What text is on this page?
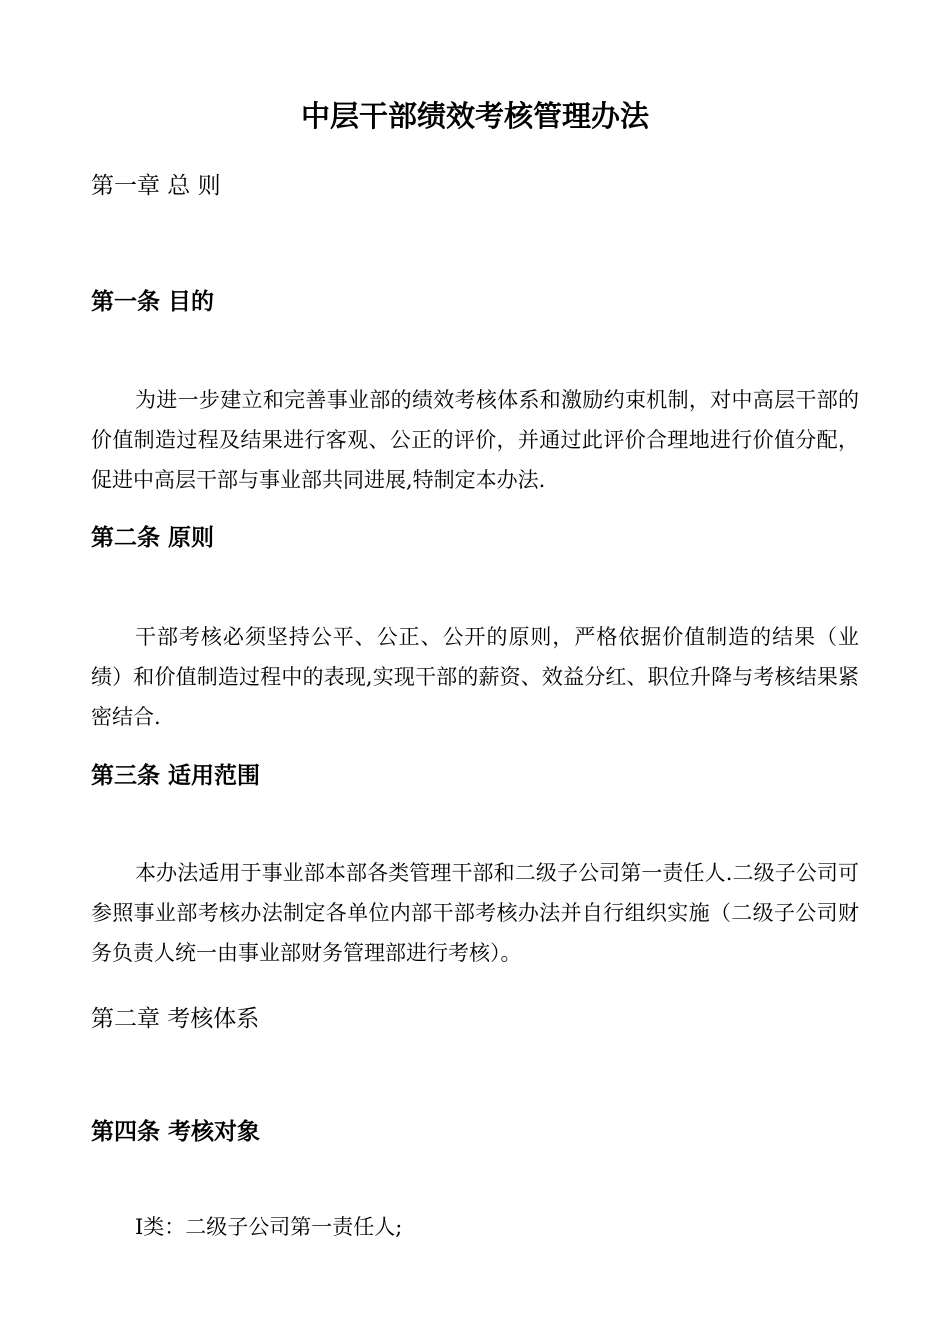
中层干部绩效考核管理办法
第一章 总 则
第一条 目的
为进一步建立和完善事业部的绩效考核体系和激励约束机制，对中高层干部的价值制造过程及结果进行客观、公正的评价，并通过此评价合理地进行价值分配，促进中高层干部与事业部共同进展,特制定本办法.
第二条 原则
干部考核必须坚持公平、公正、公开的原则，严格依据价值制造的结果（业绩）和价值制造过程中的表现,实现干部的薪资、效益分红、职位升降与考核结果紧密结合.
第三条 适用范围
本办法适用于事业部本部各类管理干部和二级子公司第一责任人.二级子公司可参照事业部考核办法制定各单位内部干部考核办法并自行组织实施（二级子公司财务负责人统一由事业部财务管理部进行考核）。
第二章 考核体系
第四条 考核对象
Ⅰ类：二级子公司第一责任人;
